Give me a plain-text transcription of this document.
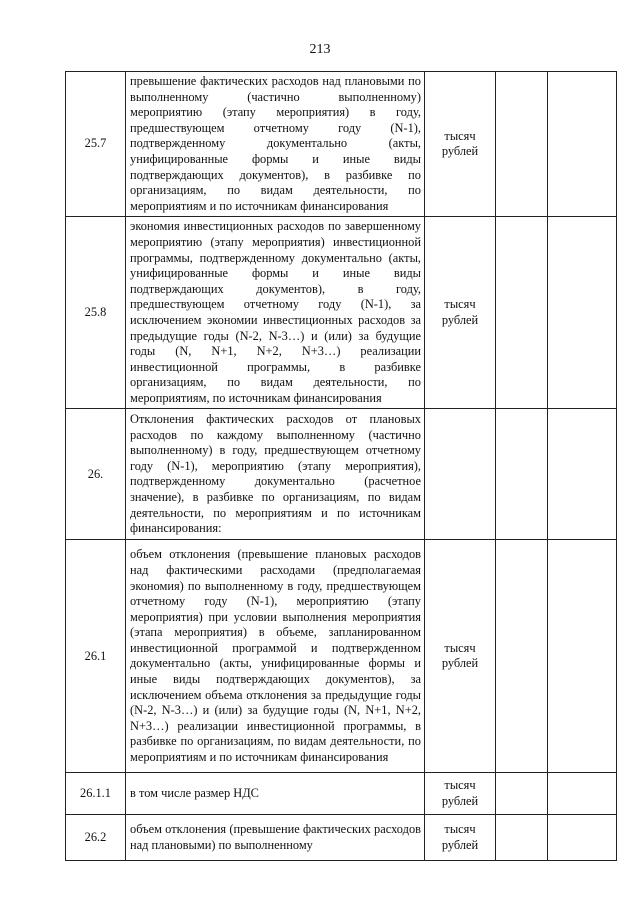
213
25.7	превышение фактических расходов над плановыми по выполненному (частично выполненному) мероприятию (этапу мероприятия) в году, предшествующем отчетному году (N-1), подтвержденному документально (акты, унифицированные формы и иные виды подтверждающих документов), в разбивке по организациям, по видам деятельности, по мероприятиям и по источникам финансирования	тысяч рублей		
25.8	экономия инвестиционных расходов по завершенному мероприятию (этапу мероприятия) инвестиционной программы, подтвержденному документально (акты, унифицированные формы и иные виды подтверждающих документов), в году, предшествующем отчетному году (N-1), за исключением экономии инвестиционных расходов за предыдущие годы (N-2, N-3…) и (или) за будущие годы (N, N+1, N+2, N+3…) реализации инвестиционной программы, в разбивке организациям, по видам деятельности, по мероприятиям, по источникам финансирования	тысяч рублей		
26.	Отклонения фактических расходов от плановых расходов по каждому выполненному (частично выполненному) в году, предшествующем отчетному году (N-1), мероприятию (этапу мероприятия), подтвержденному документально (расчетное значение), в разбивке по организациям, по видам деятельности, по мероприятиям и по источникам финансирования:			
26.1	объем отклонения (превышение плановых расходов над фактическими расходами (предполагаемая экономия) по выполненному в году, предшествующем отчетному году (N-1), мероприятию (этапу мероприятия) при условии выполнения мероприятия (этапа мероприятия) в объеме, запланированном инвестиционной программой и подтвержденном документально (акты, унифицированные формы и иные виды подтверждающих документов), за исключением объема отклонения за предыдущие годы (N-2, N-3…) и (или) за будущие годы (N, N+1, N+2, N+3…) реализации инвестиционной программы, в разбивке по организациям, по видам деятельности, по мероприятиям и по источникам финансирования	тысяч рублей		
26.1.1	в том числе размер НДС	тысяч рублей		
26.2	объем отклонения (превышение фактических расходов над плановыми) по выполненному	тысяч рублей		
